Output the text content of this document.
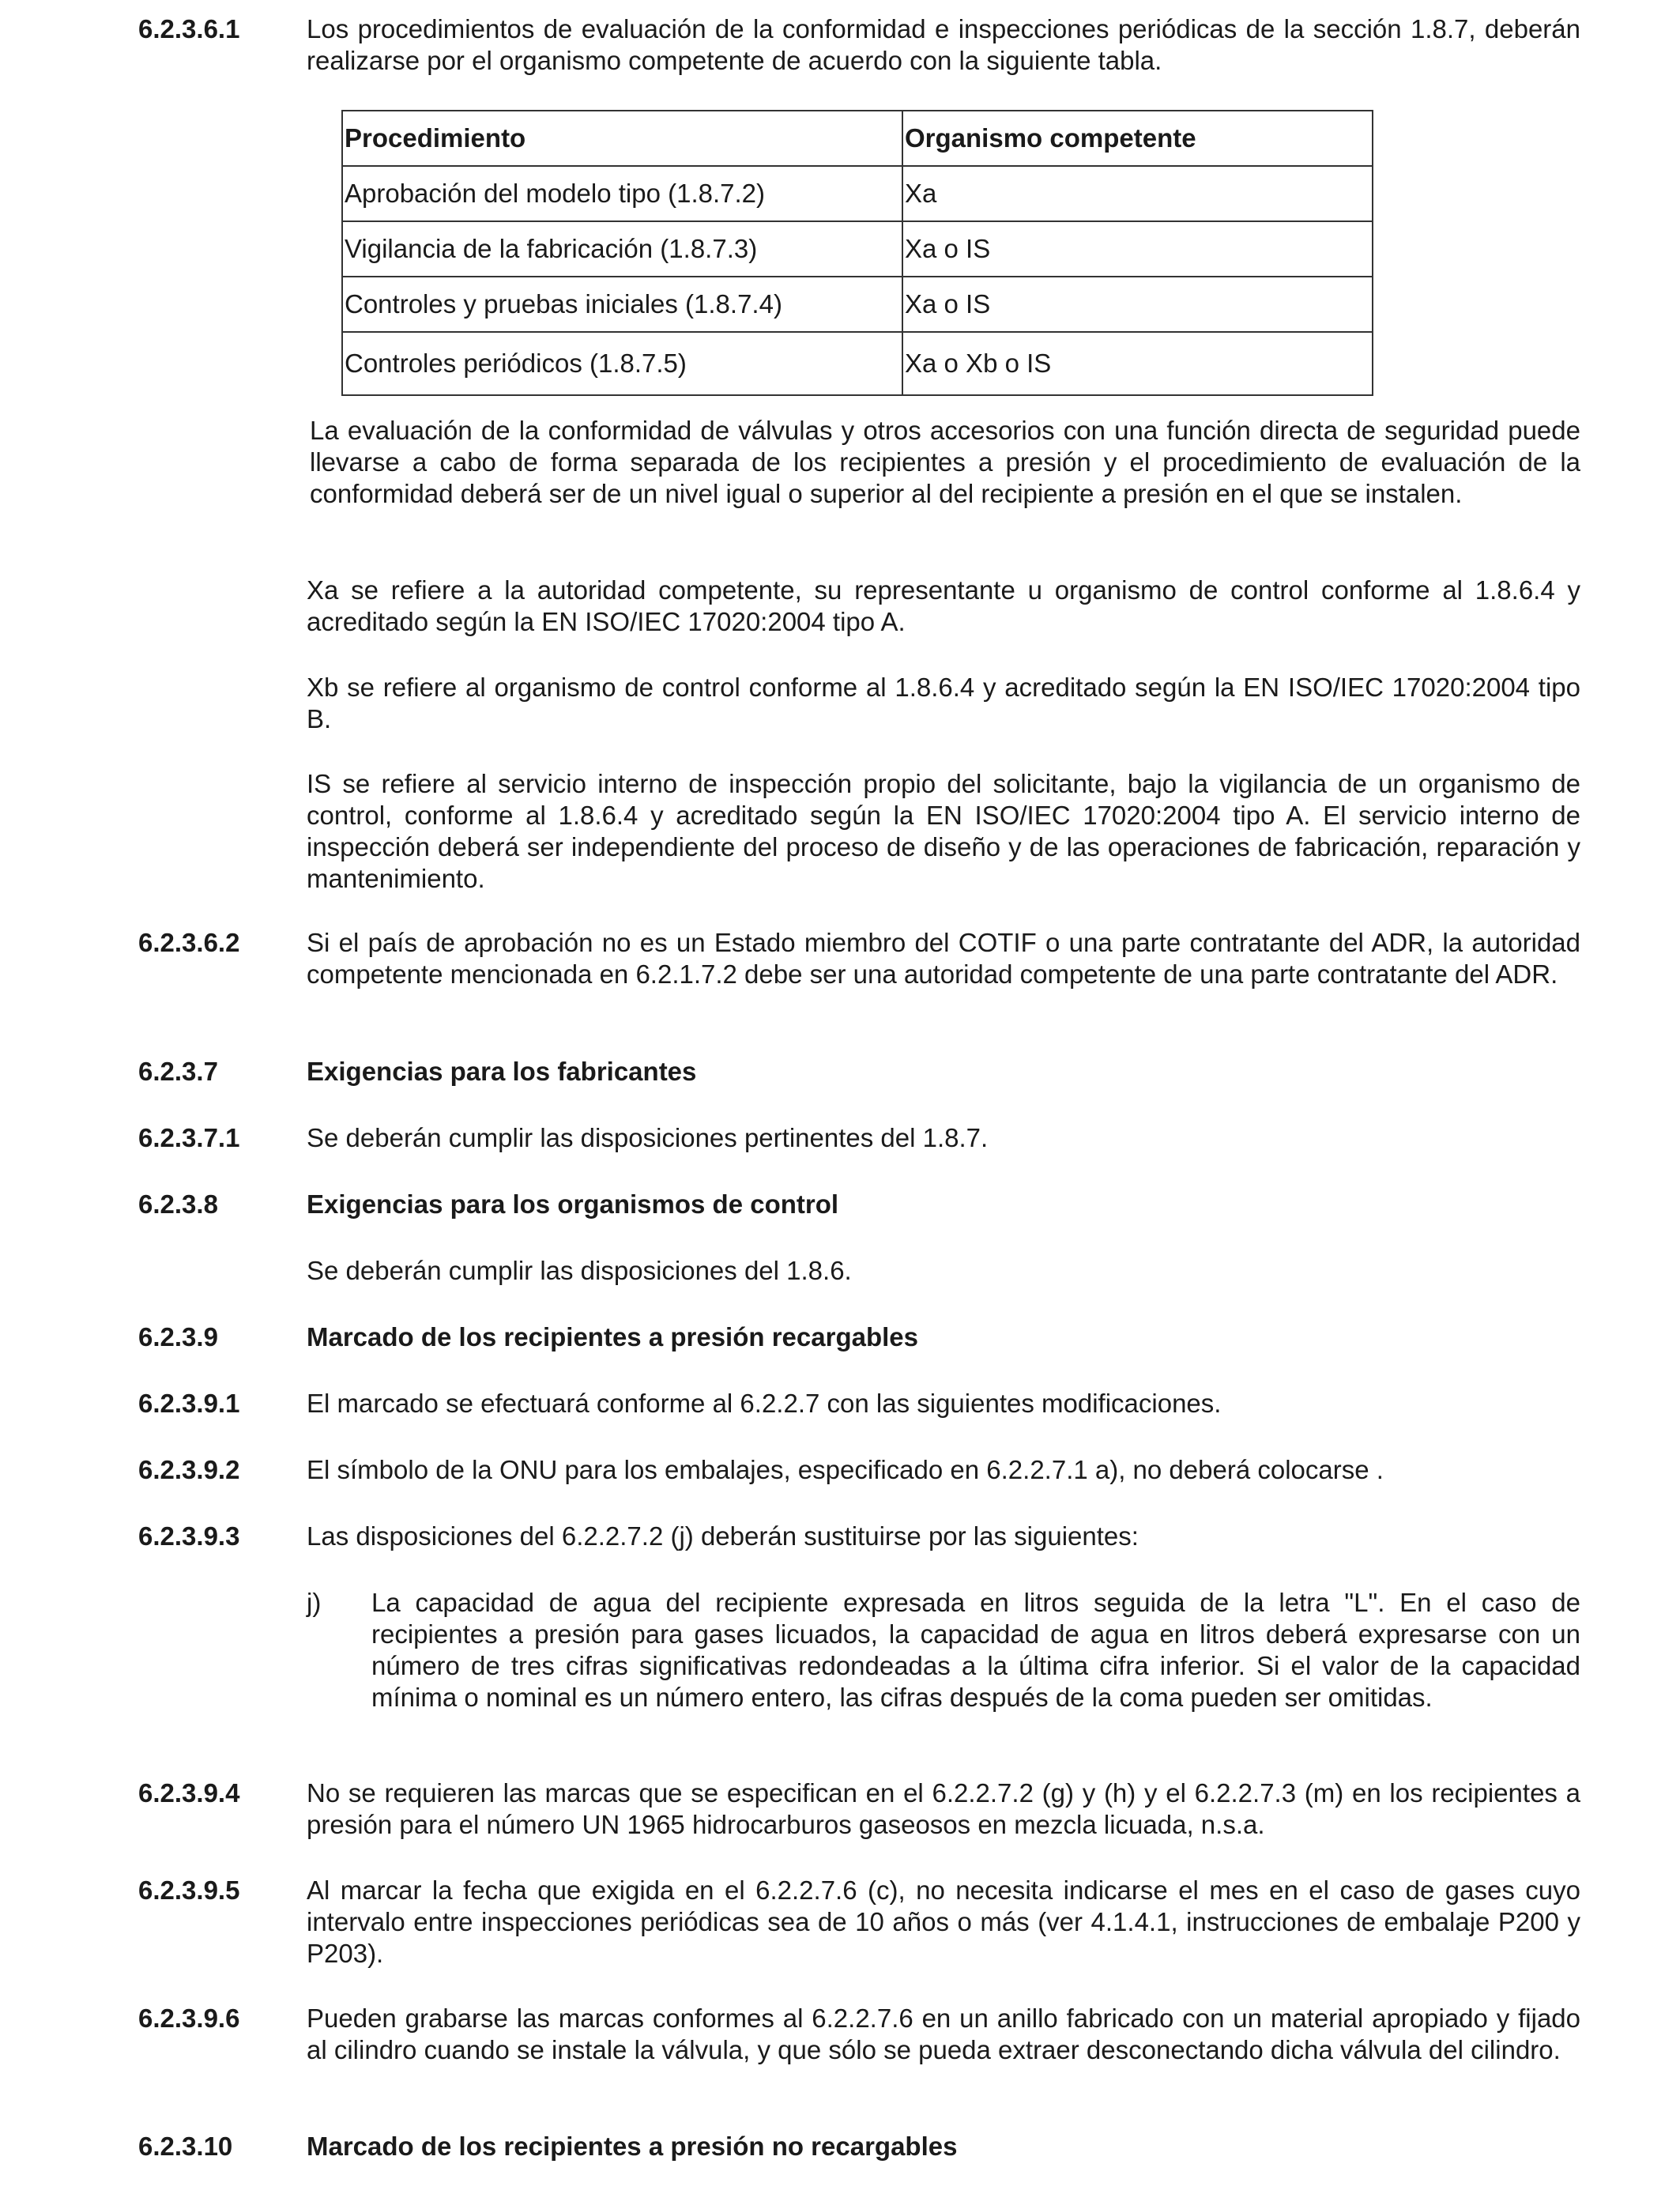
6.2.3.6.1	Los procedimientos de evaluación de la conformidad e inspecciones periódicas de la sección 1.8.7, deberán realizarse por el organismo competente de acuerdo con la siguiente tabla.
Procedimiento	Organismo competente
Aprobación del modelo tipo (1.8.7.2)	Xa
Vigilancia de la fabricación (1.8.7.3)	Xa o IS
Controles y pruebas iniciales (1.8.7.4)	Xa o IS
Controles periódicos (1.8.7.5)	Xa o Xb o IS
La evaluación de la conformidad de válvulas y otros accesorios con una función directa de seguridad puede llevarse a cabo de forma separada de los recipientes a presión y el procedimiento de evaluación de la conformidad deberá ser de un nivel igual o superior al del recipiente a presión en el que se instalen.
Xa se refiere a la autoridad competente, su representante u organismo de control conforme al 1.8.6.4 y acreditado según la EN ISO/IEC 17020:2004 tipo A.
Xb se refiere al organismo de control conforme al 1.8.6.4 y acreditado según la EN ISO/IEC 17020:2004 tipo B.
IS se refiere al servicio interno de inspección propio del solicitante, bajo la vigilancia de un organismo de control, conforme al 1.8.6.4 y acreditado según la EN ISO/IEC 17020:2004 tipo A. El servicio interno de inspección deberá ser independiente del proceso de diseño y de las operaciones de fabricación, reparación y mantenimiento.
6.2.3.6.2	Si el país de aprobación no es un Estado miembro del COTIF o una parte contratante del ADR, la autoridad competente mencionada en 6.2.1.7.2 debe ser una autoridad competente de una parte contratante del ADR.
6.2.3.7	Exigencias para los fabricantes
6.2.3.7.1	Se deberán cumplir las disposiciones pertinentes del 1.8.7.
6.2.3.8	Exigencias para los organismos de control
Se deberán cumplir las disposiciones del 1.8.6.
6.2.3.9	Marcado de los recipientes a presión recargables
6.2.3.9.1	El marcado se efectuará conforme al 6.2.2.7 con las siguientes modificaciones.
6.2.3.9.2	El símbolo de la ONU para los embalajes, especificado en 6.2.2.7.1 a), no deberá colocarse .
6.2.3.9.3	Las disposiciones del 6.2.2.7.2 (j) deberán sustituirse por las siguientes:
j) La capacidad de agua del recipiente expresada en litros seguida de la letra "L". En el caso de recipientes a presión para gases licuados, la capacidad de agua en litros deberá expresarse con un número de tres cifras significativas redondeadas a la última cifra inferior. Si el valor de la capacidad mínima o nominal es un número entero, las cifras después de la coma pueden ser omitidas.
6.2.3.9.4	No se requieren las marcas que se especifican en el 6.2.2.7.2 (g) y (h) y el 6.2.2.7.3 (m) en los recipientes a presión para el número UN 1965 hidrocarburos gaseosos en mezcla licuada, n.s.a.
6.2.3.9.5	Al marcar la fecha que exigida en el 6.2.2.7.6 (c), no necesita indicarse el mes en el caso de gases cuyo intervalo entre inspecciones periódicas sea de 10 años o más (ver 4.1.4.1, instrucciones de embalaje P200 y P203).
6.2.3.9.6	Pueden grabarse las marcas conformes al 6.2.2.7.6 en un anillo fabricado con un material apropiado y fijado al cilindro cuando se instale la válvula, y que sólo se pueda extraer desconectando dicha válvula del cilindro.
6.2.3.10	Marcado de los recipientes a presión no recargables
